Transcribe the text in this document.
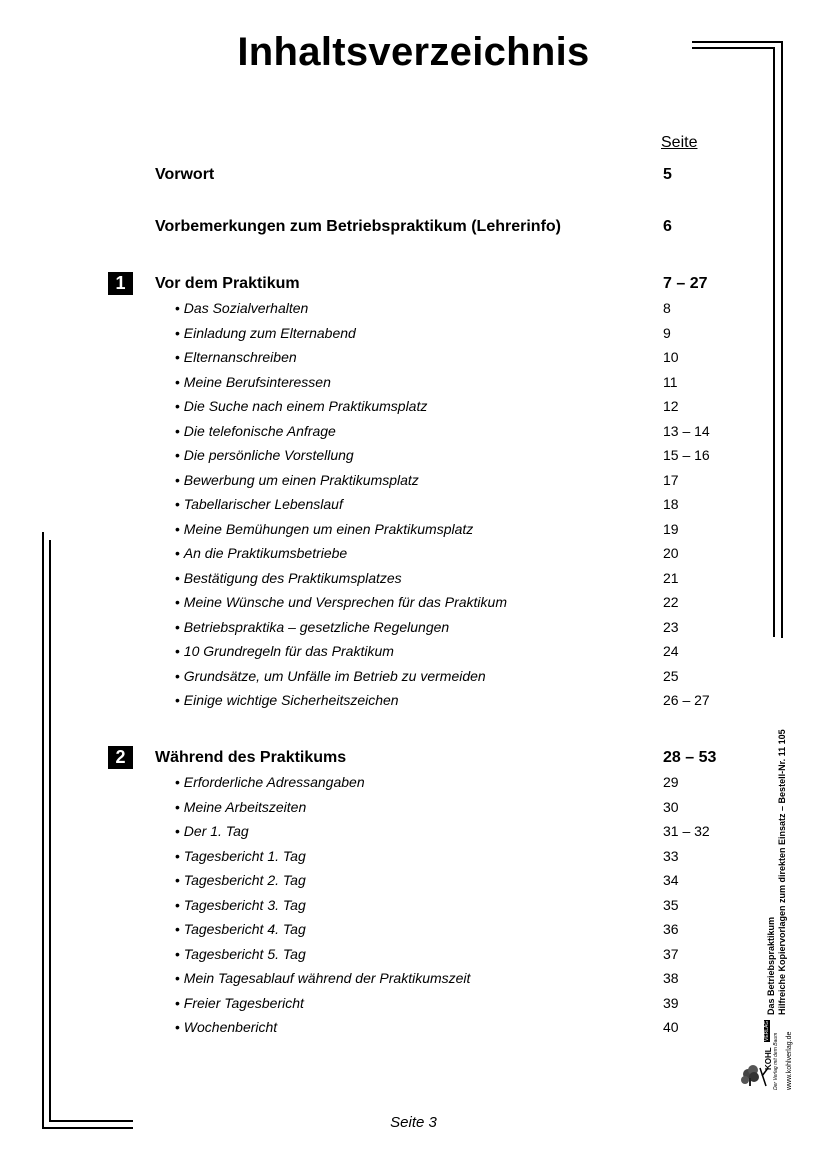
Inhaltsverzeichnis
Seite
Vorwort	5
Vorbemerkungen zum Betriebspraktikum (Lehrerinfo)	6
1	Vor dem Praktikum	7 – 27
• Das Sozialverhalten	8
• Einladung zum Elternabend	9
• Elternanschreiben	10
• Meine Berufsinteressen	11
• Die Suche nach einem Praktikumsplatz	12
• Die telefonische Anfrage	13 – 14
• Die persönliche Vorstellung	15 – 16
• Bewerbung um einen Praktikumsplatz	17
• Tabellarischer Lebenslauf	18
• Meine Bemühungen um einen Praktikumsplatz	19
• An die Praktikumsbetriebe	20
• Bestätigung des Praktikumsplatzes	21
• Meine Wünsche und Versprechen für das Praktikum	22
• Betriebspraktika – gesetzliche Regelungen	23
• 10 Grundregeln für das Praktikum	24
• Grundsätze, um Unfälle im Betrieb zu vermeiden	25
• Einige wichtige Sicherheitszeichen	26 – 27
2	Während des Praktikums	28 – 53
• Erforderliche Adressangaben	29
• Meine Arbeitszeiten	30
• Der 1. Tag	31 – 32
• Tagesbericht 1. Tag	33
• Tagesbericht 2. Tag	34
• Tagesbericht 3. Tag	35
• Tagesbericht 4. Tag	36
• Tagesbericht 5. Tag	37
• Mein Tagesablauf während der Praktikumszeit	38
• Freier Tagesbericht	39
• Wochenbericht	40
Seite 3
Das Betriebspraktikum Hilfreiche Kopiervorlagen zum direkten Einsatz – Bestell-Nr. 11 105
KOHL
VERLAG
Der Verlag mit dem Baum www.kohlverlag.de
